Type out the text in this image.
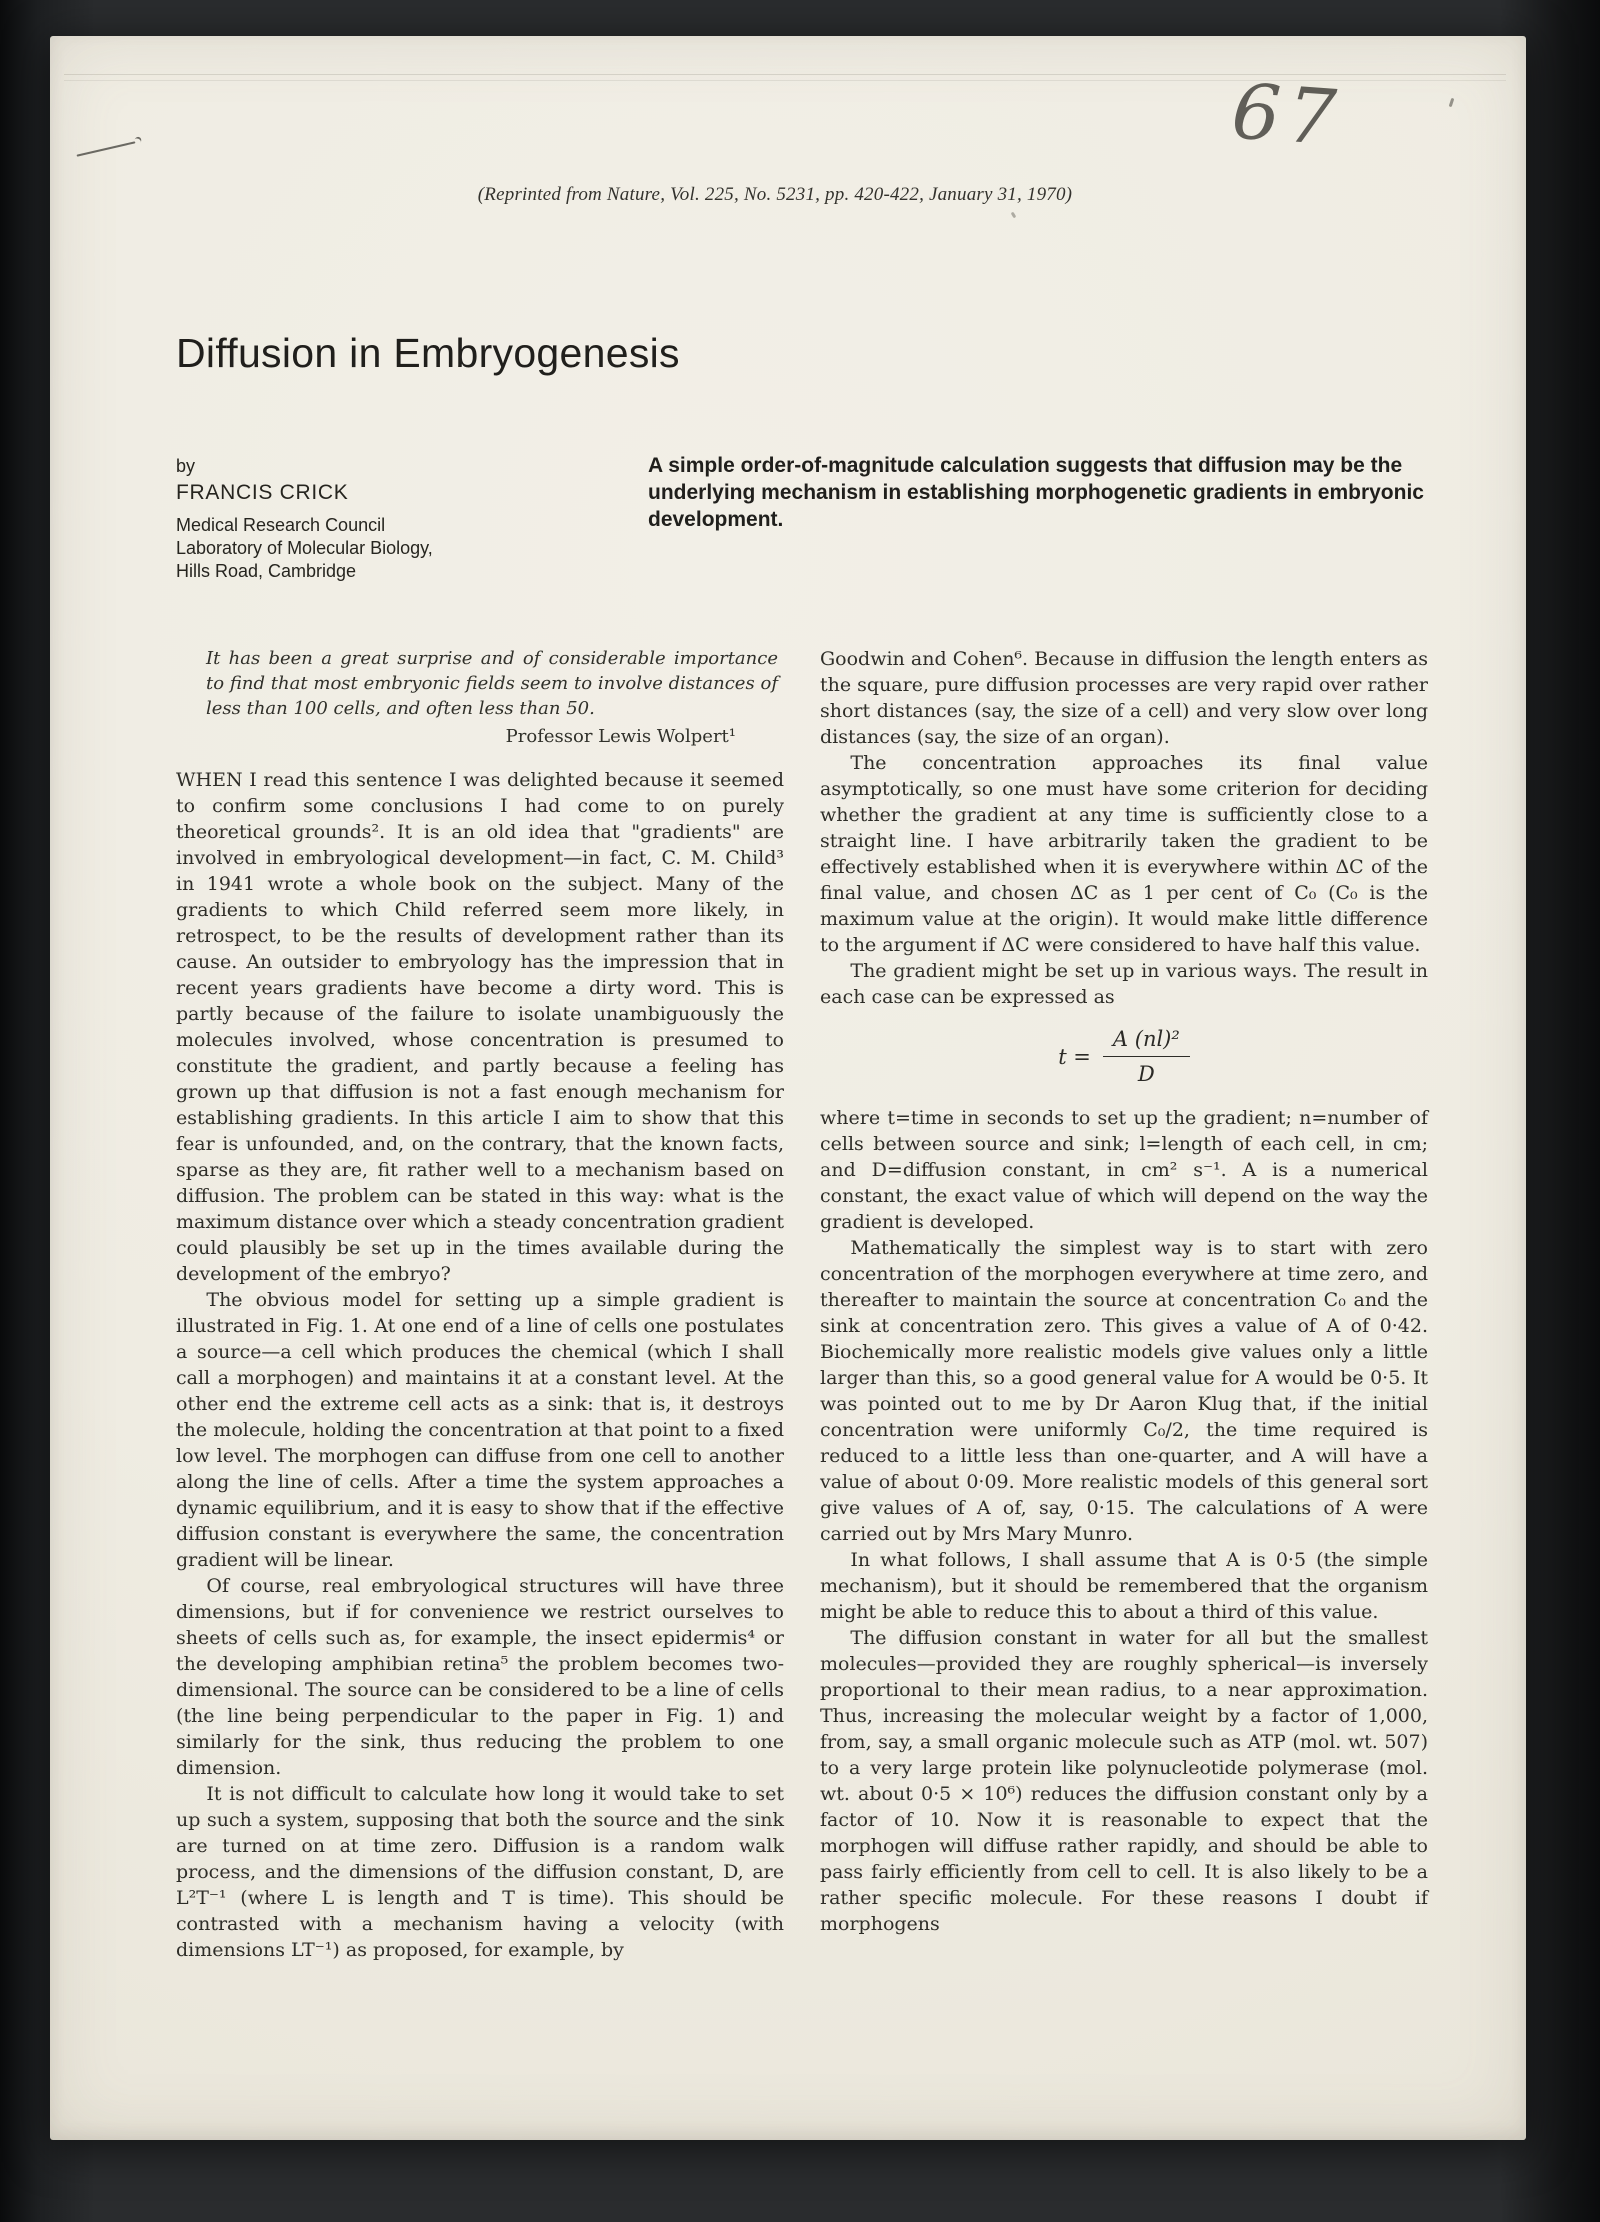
67
(Reprinted from Nature, Vol. 225, No. 5231, pp. 420-422, January 31, 1970)
Diffusion in Embryogenesis
by
FRANCIS CRICK
Medical Research Council
Laboratory of Molecular Biology,
Hills Road, Cambridge
A simple order-of-magnitude calculation suggests that diffusion may be the underlying mechanism in establishing morphogenetic gradients in embryonic development.
It has been a great surprise and of considerable importance to find that most embryonic fields seem to involve distances of less than 100 cells, and often less than 50.
Professor Lewis Wolpert¹

WHEN I read this sentence I was delighted because it seemed to confirm some conclusions I had come to on purely theoretical grounds². It is an old idea that "gradients" are involved in embryological development—in fact, C. M. Child³ in 1941 wrote a whole book on the subject. Many of the gradients to which Child referred seem more likely, in retrospect, to be the results of development rather than its cause. An outsider to embryology has the impression that in recent years gradients have become a dirty word. This is partly because of the failure to isolate unambiguously the molecules involved, whose concentration is presumed to constitute the gradient, and partly because a feeling has grown up that diffusion is not a fast enough mechanism for establishing gradients. In this article I aim to show that this fear is unfounded, and, on the contrary, that the known facts, sparse as they are, fit rather well to a mechanism based on diffusion. The problem can be stated in this way: what is the maximum distance over which a steady concentration gradient could plausibly be set up in the times available during the development of the embryo?

The obvious model for setting up a simple gradient is illustrated in Fig. 1. At one end of a line of cells one postulates a source—a cell which produces the chemical (which I shall call a morphogen) and maintains it at a constant level. At the other end the extreme cell acts as a sink: that is, it destroys the molecule, holding the concentration at that point to a fixed low level. The morphogen can diffuse from one cell to another along the line of cells. After a time the system approaches a dynamic equilibrium, and it is easy to show that if the effective diffusion constant is everywhere the same, the concentration gradient will be linear.

Of course, real embryological structures will have three dimensions, but if for convenience we restrict ourselves to sheets of cells such as, for example, the insect epidermis⁴ or the developing amphibian retina⁵ the problem becomes two-dimensional. The source can be considered to be a line of cells (the line being perpendicular to the paper in Fig. 1) and similarly for the sink, thus reducing the problem to one dimension.

It is not difficult to calculate how long it would take to set up such a system, supposing that both the source and the sink are turned on at time zero. Diffusion is a random walk process, and the dimensions of the diffusion constant, D, are L²T⁻¹ (where L is length and T is time). This should be contrasted with a mechanism having a velocity (with dimensions LT⁻¹) as proposed, for example, by

Goodwin and Cohen⁶. Because in diffusion the length enters as the square, pure diffusion processes are very rapid over rather short distances (say, the size of a cell) and very slow over long distances (say, the size of an organ).

The concentration approaches its final value asymptotically, so one must have some criterion for deciding whether the gradient at any time is sufficiently close to a straight line. I have arbitrarily taken the gradient to be effectively established when it is everywhere within ΔC of the final value, and chosen ΔC as 1 per cent of C₀ (C₀ is the maximum value at the origin). It would make little difference to the argument if ΔC were considered to have half this value.

The gradient might be set up in various ways. The result in each case can be expressed as

$t = \frac{\text{A (nl)²}}{D}$

where t=time in seconds to set up the gradient; n=number of cells between source and sink; l=length of each cell, in cm; and D=diffusion constant, in cm² s⁻¹. A is a numerical constant, the exact value of which will depend on the way the gradient is developed.

Mathematically the simplest way is to start with zero concentration of the morphogen everywhere at time zero, and thereafter to maintain the source at concentration C₀ and the sink at concentration zero. This gives a value of A of 0·42. Biochemically more realistic models give values only a little larger than this, so a good general value for A would be 0·5. It was pointed out to me by Dr Aaron Klug that, if the initial concentration were uniformly C₀/2, the time required is reduced to a little less than one-quarter, and A will have a value of about 0·09. More realistic models of this general sort give values of A of, say, 0·15. The calculations of A were carried out by Mrs Mary Munro.

In what follows, I shall assume that A is 0·5 (the simple mechanism), but it should be remembered that the organism might be able to reduce this to about a third of this value.

The diffusion constant in water for all but the smallest molecules—provided they are roughly spherical—is inversely proportional to their mean radius, to a near approximation. Thus, increasing the molecular weight by a factor of 1,000, from, say, a small organic molecule such as ATP (mol. wt. 507) to a very large protein like polynucleotide polymerase (mol. wt. about 0·5 × 10⁶) reduces the diffusion constant only by a factor of 10. Now it is reasonable to expect that the morphogen will diffuse rather rapidly, and should be able to pass fairly efficiently from cell to cell. It is also likely to be a rather specific molecule. For these reasons I doubt if morphogens
